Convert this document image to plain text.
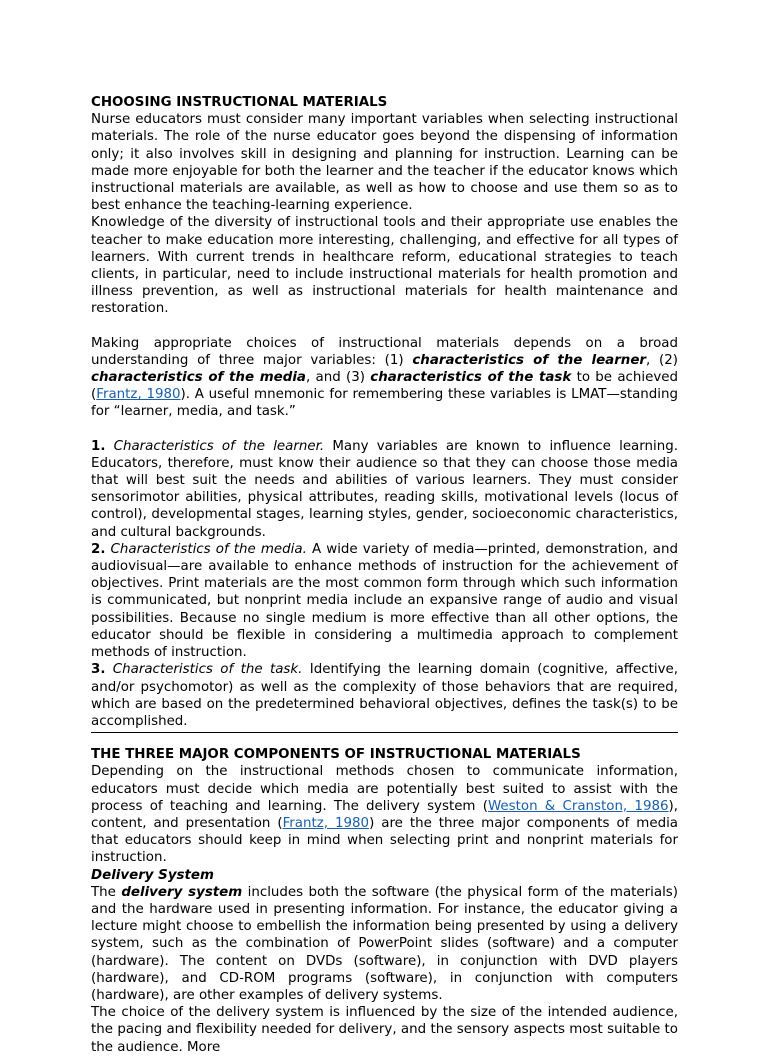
CHOOSING INSTRUCTIONAL MATERIALS

Nurse educators must consider many important variables when selecting instructional materials. The role of the nurse educator goes beyond the dispensing of information only; it also involves skill in designing and planning for instruction. Learning can be made more enjoyable for both the learner and the teacher if the educator knows which instructional materials are available, as well as how to choose and use them so as to best enhance the teaching-learning experience.

Knowledge of the diversity of instructional tools and their appropriate use enables the teacher to make education more interesting, challenging, and effective for all types of learners. With current trends in healthcare reform, educational strategies to teach clients, in particular, need to include instructional materials for health promotion and illness prevention, as well as instructional materials for health maintenance and restoration.

Making appropriate choices of instructional materials depends on a broad understanding of three major variables: (1) characteristics of the learner, (2) characteristics of the media, and (3) characteristics of the task to be achieved (Frantz, 1980). A useful mnemonic for remembering these variables is LMAT—standing for “learner, media, and task.”

1. Characteristics of the learner. Many variables are known to influence learning. Educators, therefore, must know their audience so that they can choose those media that will best suit the needs and abilities of various learners. They must consider sensorimotor abilities, physical attributes, reading skills, motivational levels (locus of control), developmental stages, learning styles, gender, socioeconomic characteristics, and cultural backgrounds.

2. Characteristics of the media. A wide variety of media—printed, demonstration, and audiovisual—are available to enhance methods of instruction for the achievement of objectives. Print materials are the most common form through which such information is communicated, but nonprint media include an expansive range of audio and visual possibilities. Because no single medium is more effective than all other options, the educator should be flexible in considering a multimedia approach to complement methods of instruction.

3. Characteristics of the task. Identifying the learning domain (cognitive, affective, and/or psychomotor) as well as the complexity of those behaviors that are required, which are based on the predetermined behavioral objectives, defines the task(s) to be accomplished.

THE THREE MAJOR COMPONENTS OF INSTRUCTIONAL MATERIALS

Depending on the instructional methods chosen to communicate information, educators must decide which media are potentially best suited to assist with the process of teaching and learning. The delivery system (Weston & Cranston, 1986), content, and presentation (Frantz, 1980) are the three major components of media that educators should keep in mind when selecting print and nonprint materials for instruction.

Delivery System

The delivery system includes both the software (the physical form of the materials) and the hardware used in presenting information. For instance, the educator giving a lecture might choose to embellish the information being presented by using a delivery system, such as the combination of PowerPoint slides (software) and a computer (hardware). The content on DVDs (software), in conjunction with DVD players (hardware), and CD-ROM programs (software), in conjunction with computers (hardware), are other examples of delivery systems.

The choice of the delivery system is influenced by the size of the intended audience, the pacing and flexibility needed for delivery, and the sensory aspects most suitable to the audience. More
